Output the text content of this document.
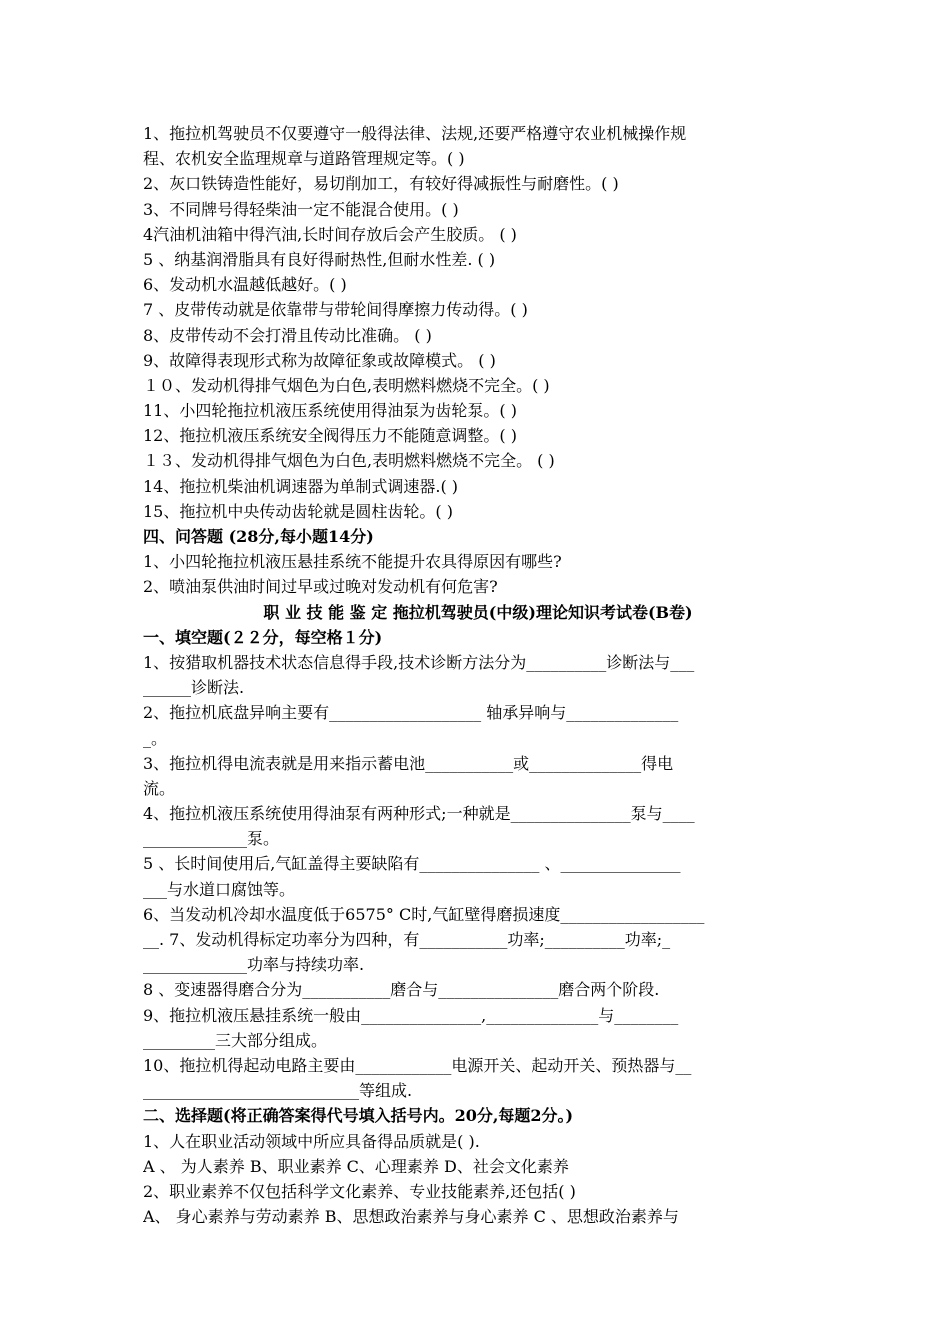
1、拖拉机驾驶员不仅要遵守一般得法律、法规,还要严格遵守农业机械操作规
程、农机安全监理规章与道路管理规定等。( )
2、灰口铁铸造性能好，易切削加工，有较好得减振性与耐磨性。( )
3、不同牌号得轻柴油一定不能混合使用。( )
4汽油机油箱中得汽油,长时间存放后会产生胶质。 ( )
5 、纳基润滑脂具有良好得耐热性,但耐水性差. ( )
6、发动机水温越低越好。( )
7 、皮带传动就是依靠带与带轮间得摩擦力传动得。( )
8、皮带传动不会打滑且传动比准确。 ( )
9、故障得表现形式称为故障征象或故障模式。 ( )
１０、发动机得排气烟色为白色,表明燃料燃烧不完全。( )
11、小四轮拖拉机液压系统使用得油泵为齿轮泵。( )
12、拖拉机液压系统安全阀得压力不能随意调整。( )
１３、发动机得排气烟色为白色,表明燃料燃烧不完全。 ( )
14、拖拉机柴油机调速器为单制式调速器.( )
15、拖拉机中央传动齿轮就是圆柱齿轮。( )
四、问答题 (28分,每小题14分)
1、小四轮拖拉机液压悬挂系统不能提升农具得原因有哪些?
2、喷油泵供油时间过早或过晚对发动机有何危害?
职 业 技 能 鉴 定 拖拉机驾驶员(中级)理论知识考试卷(B卷)
一、填空题(２２分，每空格１分)
1、按猎取机器技术状态信息得手段,技术诊断方法分为__________诊断法与___
______诊断法.
2、拖拉机底盘异响主要有___________________ 轴承异响与______________
_。
3、拖拉机得电流表就是用来指示蓄电池___________或______________得电
流。
4、拖拉机液压系统使用得油泵有两种形式;一种就是_______________泵与____
_____________泵。
5 、长时间使用后,气缸盖得主要缺陷有_______________ 、_______________
___与水道口腐蚀等。
6、当发动机冷却水温度低于6575° C时,气缸壁得磨损速度__________________
__. 7、发动机得标定功率分为四种，有___________功率;__________功率;_
_____________功率与持续功率.
8 、变速器得磨合分为___________磨合与_______________磨合两个阶段.
9、拖拉机液压悬挂系统一般由_______________,______________与________
_________三大部分组成。
10、拖拉机得起动电路主要由____________电源开关、起动开关、预热器与__
___________________________等组成.
二、选择题(将正确答案得代号填入括号内。20分,每题2分。)
1、人在职业活动领域中所应具备得品质就是( ).
A 、 为人素养 B、职业素养 C、心理素养 D、社会文化素养
2、职业素养不仅包括科学文化素养、专业技能素养,还包括( )
A、 身心素养与劳动素养 B、思想政治素养与身心素养 C 、思想政治素养与
